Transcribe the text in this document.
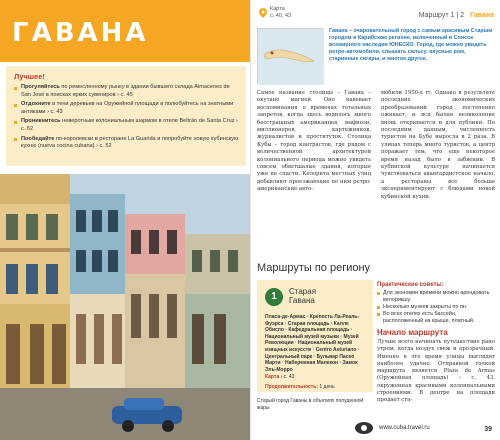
ГАВАНА
Лучшее!
Прогуляйтесь по ремесленному рынку в здании бывшего склада Almacenes de San José в поисках ярких сувениров › с. 45
Отдохните в тени деревьев на Оружейной площади и полюбуйтесь на знатными антиками › с. 43
Проникнитесь неверотным колониальным шармом в отеле Beltrán de Santa Cruz › с. 52
Пообедайте по-королевски в ресторане La Guarida и попробуйте новую кубинскую кухню (nueva cocina cubana) › с. 52
Карта
с. 40, 43	Маршрут 1 | 2 Гавана
Гавана – очаровательный город с самым красивым Старым городом в Карибском регионе, включенный в Список всемирного наследия ЮНЕСКО. Город, где можно увидеть ретро-автомобили, слышать сальсу, вкусные ром, старинные сигары, и многое другое.
Самое название столицы – Гавана – окутано магией. Оно навевает воспоминания о временах тотальных запретов, когда здесь водилось много бесстрашных американцев, мафиози, миллионеров, картежников, журналистов и проституток. Столица Кубы – город контрастов, где рядом с величественной архитектурой колониального периода можно увидеть совсем обветшалые здания, которые уже не спасти. Колорита местных улиц добавляют проезжающие по ним ретро-американские авто-
мобили 1950-х гг. Однако в результате последних экономических преобразований город постепенно оживает, и вся былая великолепие вновь открывается и для публики. По последним данным, численность туристов на Кубе выросла в 2 раза. В улицах теперь много туристов, а центр поражает тем, что еще некоторое время назад было в забвении. В кубинской культуре начинается чувствоваться авангардистское начало, а рестораны все больше экспериментируют с блюдами новой кубинской кухни.
Маршруты по региону
1	Старая
Гавана
Пласа-де-Армас · Крепость Ла-Реаль-Фуэрса · Старая площадь · Калле Обиспо · Кафедральная площадь · Национальный музей музыки · Музей Революции · Национальный музей изящных искусств · Centro Asturiano · Центральный парк · Бульвар Пасео Марти · Набережная Малекон · Замок Эль-Морро
Карта › с. 43
Продолжительность: 1 день
Практические советы:
Для экономии времени можно арендовать велорикшу.
Несколько музеев закрыты по пн.
Во всех отелях есть бассейн, расположенный на крыше, платный.
Начало маршрута
Лучше всего начинать путешествие рано утром, когда воздух свеж и прозрачный. Именно в это время улицы выглядят наиболее удачно. Отправной точкой маршрута является Plaza de Armas (Оружейная площадь) › с. 43, окруженная красивыми колониальными строениями. В центре на площади продает ста-
Старый город Гаваны в объятиях полуденной жары
www.cuba.travel.ru	39
